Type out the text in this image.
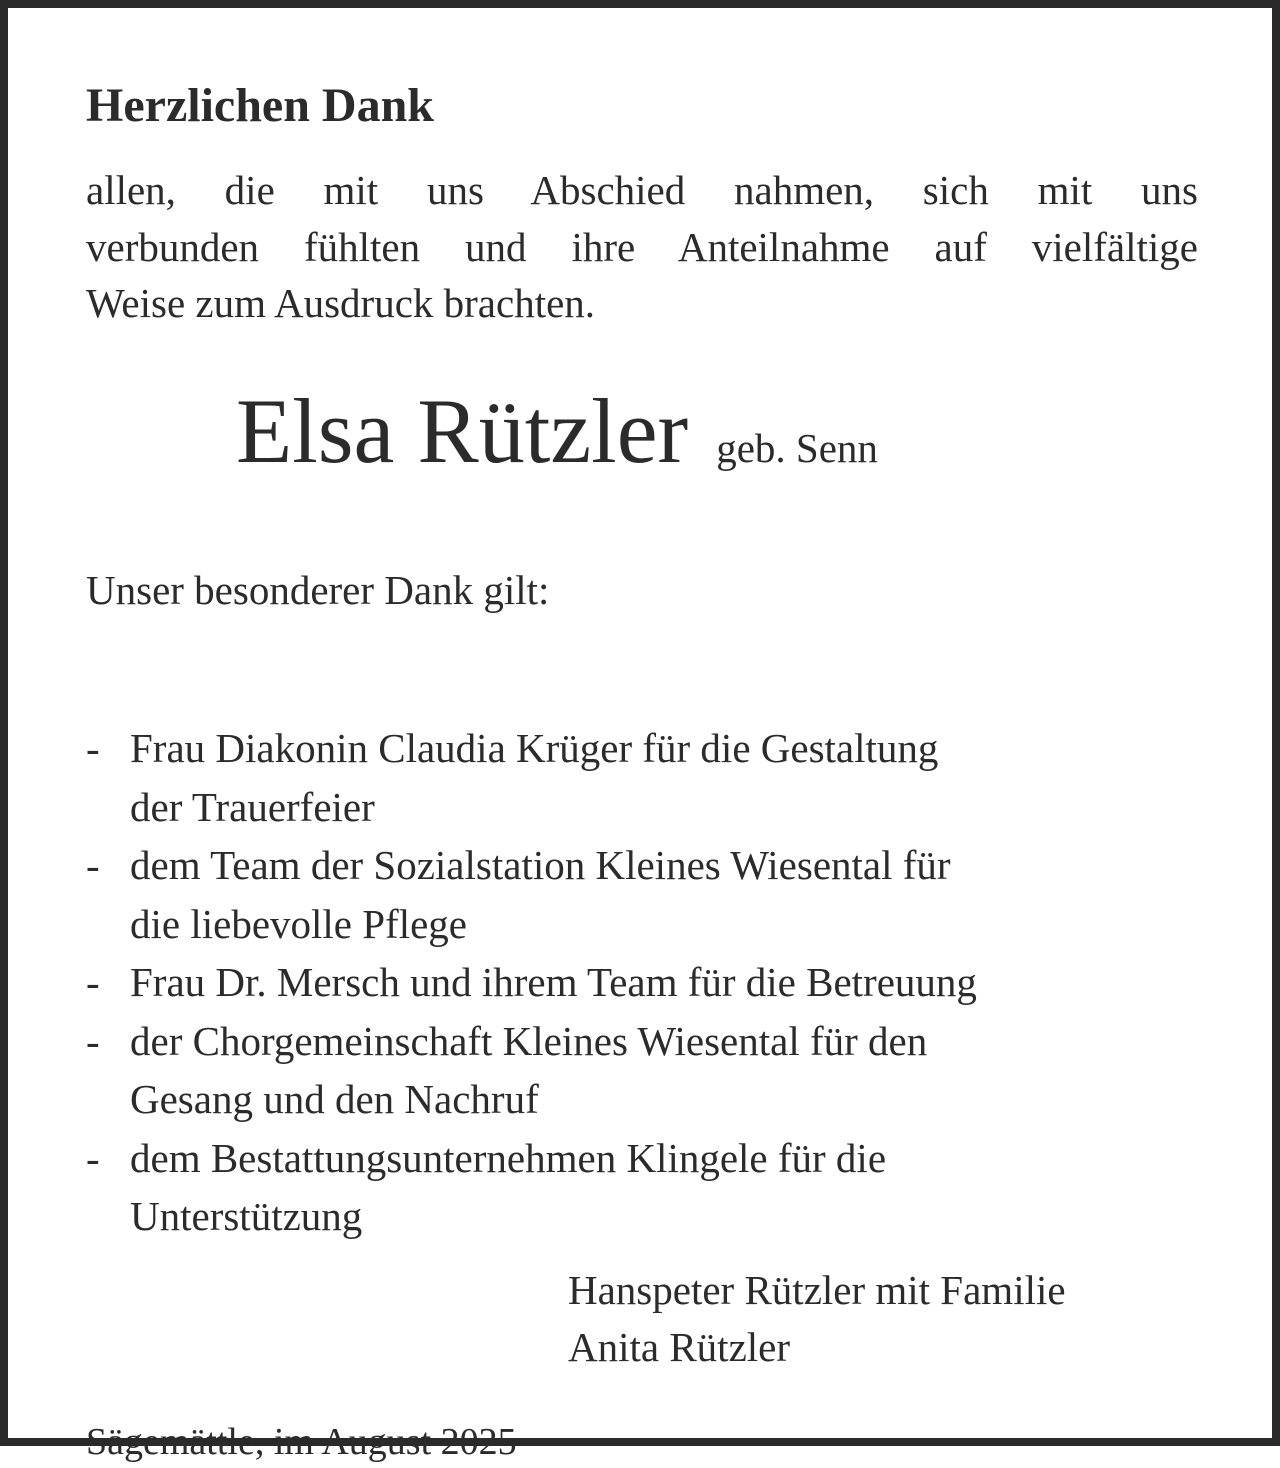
Herzlichen Dank
allen, die mit uns Abschied nahmen, sich mit uns
verbunden fühlten und ihre Anteilnahme auf vielfältige
Weise zum Ausdruck brachten.
Elsa Rützler geb. Senn
Unser besonderer Dank gilt:
- Frau Diakonin Claudia Krüger für die Gestaltung
der Trauerfeier
- dem Team der Sozialstation Kleines Wiesental für
die liebevolle Pflege
- Frau Dr. Mersch und ihrem Team für die Betreuung
- der Chorgemeinschaft Kleines Wiesental für den
Gesang und den Nachruf
- dem Bestattungsunternehmen Klingele für die
Unterstützung
Hanspeter Rützler mit Familie
Anita Rützler
Sägemättle, im August 2025
